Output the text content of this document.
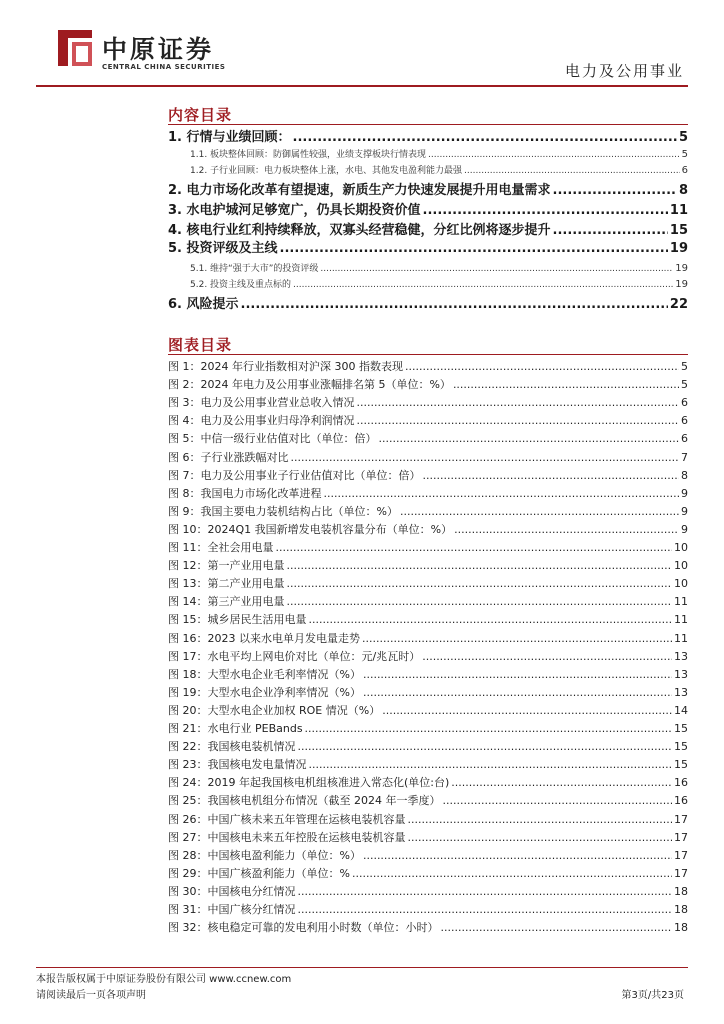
中原证券
CENTRAL CHINA SECURITIES	电力及公用事业
内容目录
1. 行情与业绩回顾： .....	5
1.1. 板块整体回顾：防御属性较强，业绩支撑板块行情表现 .....	5
1.2. 子行业回顾：电力板块整体上涨，水电、其他发电盈利能力最强 .....	6
2. 电力市场化改革有望提速，新质生产力快速发展提升用电量需求 .....	8
3. 水电护城河足够宽广，仍具长期投资价值 .....	11
4. 核电行业红利持续释放，双寡头经营稳健，分红比例将逐步提升 .....	15
5. 投资评级及主线 .....	19
5.1. 维持“强于大市”的投资评级 .....	19
5.2. 投资主线及重点标的 .....	19
6. 风险提示 .....	22
图表目录
图 1：2024 年行业指数相对沪深 300 指数表现 .....	5
图 2：2024 年电力及公用事业涨幅排名第 5（单位：%） .....	5
图 3：电力及公用事业营业总收入情况 .....	6
图 4：电力及公用事业归母净利润情况 .....	6
图 5：中信一级行业估值对比（单位：倍） .....	6
图 6：子行业涨跌幅对比 .....	7
图 7：电力及公用事业子行业估值对比（单位：倍） .....	8
图 8：我国电力市场化改革进程 .....	9
图 9：我国主要电力装机结构占比（单位：%） .....	9
图 10：2024Q1 我国新增发电装机容量分布（单位：%） .....	9
图 11：全社会用电量 .....	10
图 12：第一产业用电量 .....	10
图 13：第二产业用电量 .....	10
图 14：第三产业用电量 .....	11
图 15：城乡居民生活用电量 .....	11
图 16：2023 以来水电单月发电量走势 .....	11
图 17：水电平均上网电价对比（单位：元/兆瓦时） .....	13
图 18：大型水电企业毛利率情况（%） .....	13
图 19：大型水电企业净利率情况（%） .....	13
图 20：大型水电企业加权 ROE 情况（%） .....	14
图 21：水电行业 PEBands .....	15
图 22：我国核电装机情况 .....	15
图 23：我国核电发电量情况 .....	15
图 24：2019 年起我国核电机组核准进入常态化(单位:台) .....	16
图 25：我国核电机组分布情况（截至 2024 年一季度） .....	16
图 26：中国广核未来五年管理在运核电装机容量 .....	17
图 27：中国核电未来五年控股在运核电装机容量 .....	17
图 28：中国核电盈利能力（单位：%） .....	17
图 29：中国广核盈利能力（单位：% .....	17
图 30：中国核电分红情况 .....	18
图 31：中国广核分红情况 .....	18
图 32：核电稳定可靠的发电利用小时数（单位：小时） .....	18
本报告版权属于中原证券股份有限公司 www.ccnew.com
请阅读最后一页各项声明	第3页/共23页
